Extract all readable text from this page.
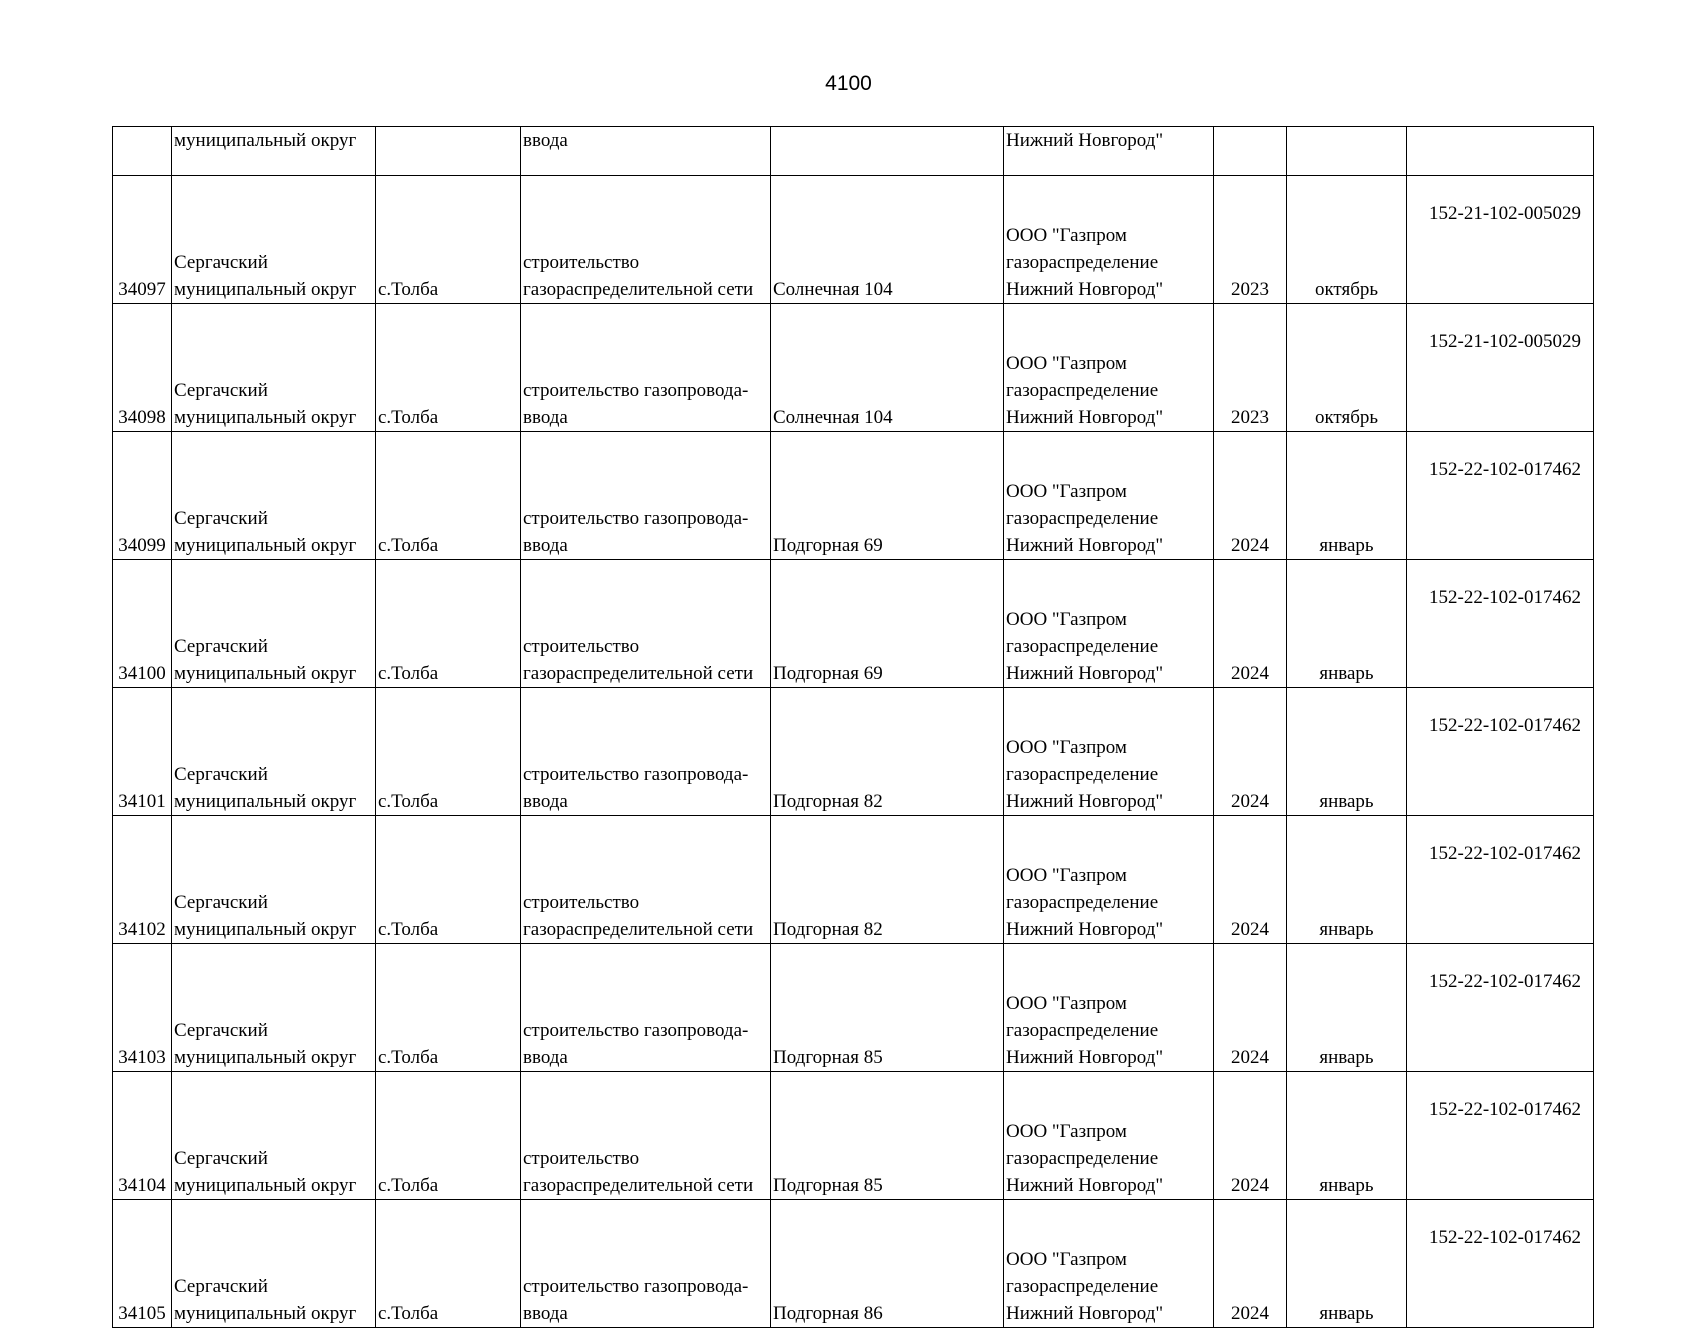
4100
	муниципальный округ		ввода		Нижний Новгород"			
34097	Сергачский
муниципальный округ	с.Толба	строительство
газораспределительной сети	Солнечная 104	ООО "Газпром
газораспределение
Нижний Новгород"	2023	октябрь	152-21-102-005029
34098	Сергачский
муниципальный округ	с.Толба	строительство газопровода-
ввода	Солнечная 104	ООО "Газпром
газораспределение
Нижний Новгород"	2023	октябрь	152-21-102-005029
34099	Сергачский
муниципальный округ	с.Толба	строительство газопровода-
ввода	Подгорная 69	ООО "Газпром
газораспределение
Нижний Новгород"	2024	январь	152-22-102-017462
34100	Сергачский
муниципальный округ	с.Толба	строительство
газораспределительной сети	Подгорная 69	ООО "Газпром
газораспределение
Нижний Новгород"	2024	январь	152-22-102-017462
34101	Сергачский
муниципальный округ	с.Толба	строительство газопровода-
ввода	Подгорная 82	ООО "Газпром
газораспределение
Нижний Новгород"	2024	январь	152-22-102-017462
34102	Сергачский
муниципальный округ	с.Толба	строительство
газораспределительной сети	Подгорная 82	ООО "Газпром
газораспределение
Нижний Новгород"	2024	январь	152-22-102-017462
34103	Сергачский
муниципальный округ	с.Толба	строительство газопровода-
ввода	Подгорная 85	ООО "Газпром
газораспределение
Нижний Новгород"	2024	январь	152-22-102-017462
34104	Сергачский
муниципальный округ	с.Толба	строительство
газораспределительной сети	Подгорная 85	ООО "Газпром
газораспределение
Нижний Новгород"	2024	январь	152-22-102-017462
34105	Сергачский
муниципальный округ	с.Толба	строительство газопровода-
ввода	Подгорная 86	ООО "Газпром
газораспределение
Нижний Новгород"	2024	январь	152-22-102-017462
